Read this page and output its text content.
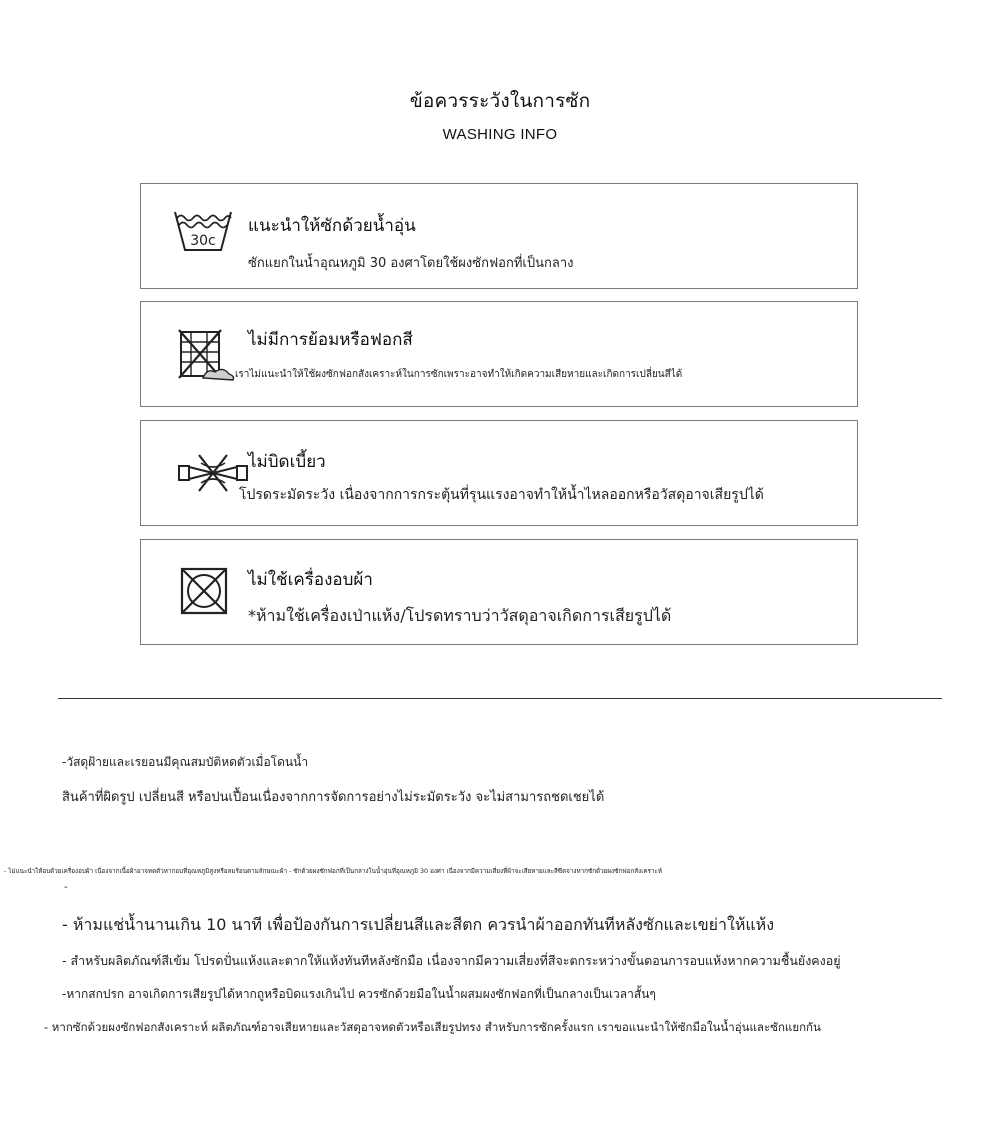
ข้อควรระวังในการซัก
WASHING INFO
30c
แนะนำให้ซักด้วยน้ำอุ่น
ซักแยกในน้ำอุณหภูมิ 30 องศาโดยใช้ผงซักฟอกที่เป็นกลาง
ไม่มีการย้อมหรือฟอกสี
เราไม่แนะนำให้ใช้ผงซักฟอกสังเคราะห์ในการซักเพราะอาจทำให้เกิดความเสียหายและเกิดการเปลี่ยนสีได้
ไม่บิดเบี้ยว
โปรดระมัดระวัง เนื่องจากการกระตุ้นที่รุนแรงอาจทำให้น้ำไหลออกหรือวัสดุอาจเสียรูปได้
ไม่ใช้เครื่องอบผ้า
*ห้ามใช้เครื่องเป่าแห้ง/โปรดทราบว่าวัสดุอาจเกิดการเสียรูปได้
-วัสดุฝ้ายและเรยอนมีคุณสมบัติหดตัวเมื่อโดนน้ำ
สินค้าที่ผิดรูป เปลี่ยนสี หรือปนเปื้อนเนื่องจากการจัดการอย่างไม่ระมัดระวัง จะไม่สามารถชดเชยได้
- ไม่แนะนำให้อบด้วยเครื่องอบผ้า เนื่องจากเนื้อผ้าอาจหดตัวหากอบที่อุณหภูมิสูงหรือลมร้อนตามลักษณะผ้า - ซักด้วยผงซักฟอกที่เป็นกลางในน้ำอุ่นที่อุณหภูมิ 30 องศา เนื่องจากมีความเสี่ยงที่ผ้าจะเสียหายและสีซีดจางหากซักด้วยผงซักฟอกสังเคราะห์
-
- ห้ามแช่น้ำนานเกิน 10 นาที เพื่อป้องกันการเปลี่ยนสีและสีตก ควรนำผ้าออกทันทีหลังซักและเขย่าให้แห้ง
- สำหรับผลิตภัณฑ์สีเข้ม โปรดปั่นแห้งและตากให้แห้งทันทีหลังซักมือ เนื่องจากมีความเสี่ยงที่สีจะตกระหว่างขั้นตอนการอบแห้งหากความชื้นยังคงอยู่
-หากสกปรก อาจเกิดการเสียรูปได้หากถูหรือบิดแรงเกินไป ควรซักด้วยมือในน้ำผสมผงซักฟอกที่เป็นกลางเป็นเวลาสั้นๆ
- หากซักด้วยผงซักฟอกสังเคราะห์ ผลิตภัณฑ์อาจเสียหายและวัสดุอาจหดตัวหรือเสียรูปทรง สำหรับการซักครั้งแรก เราขอแนะนำให้ซักมือในน้ำอุ่นและซักแยกกัน
